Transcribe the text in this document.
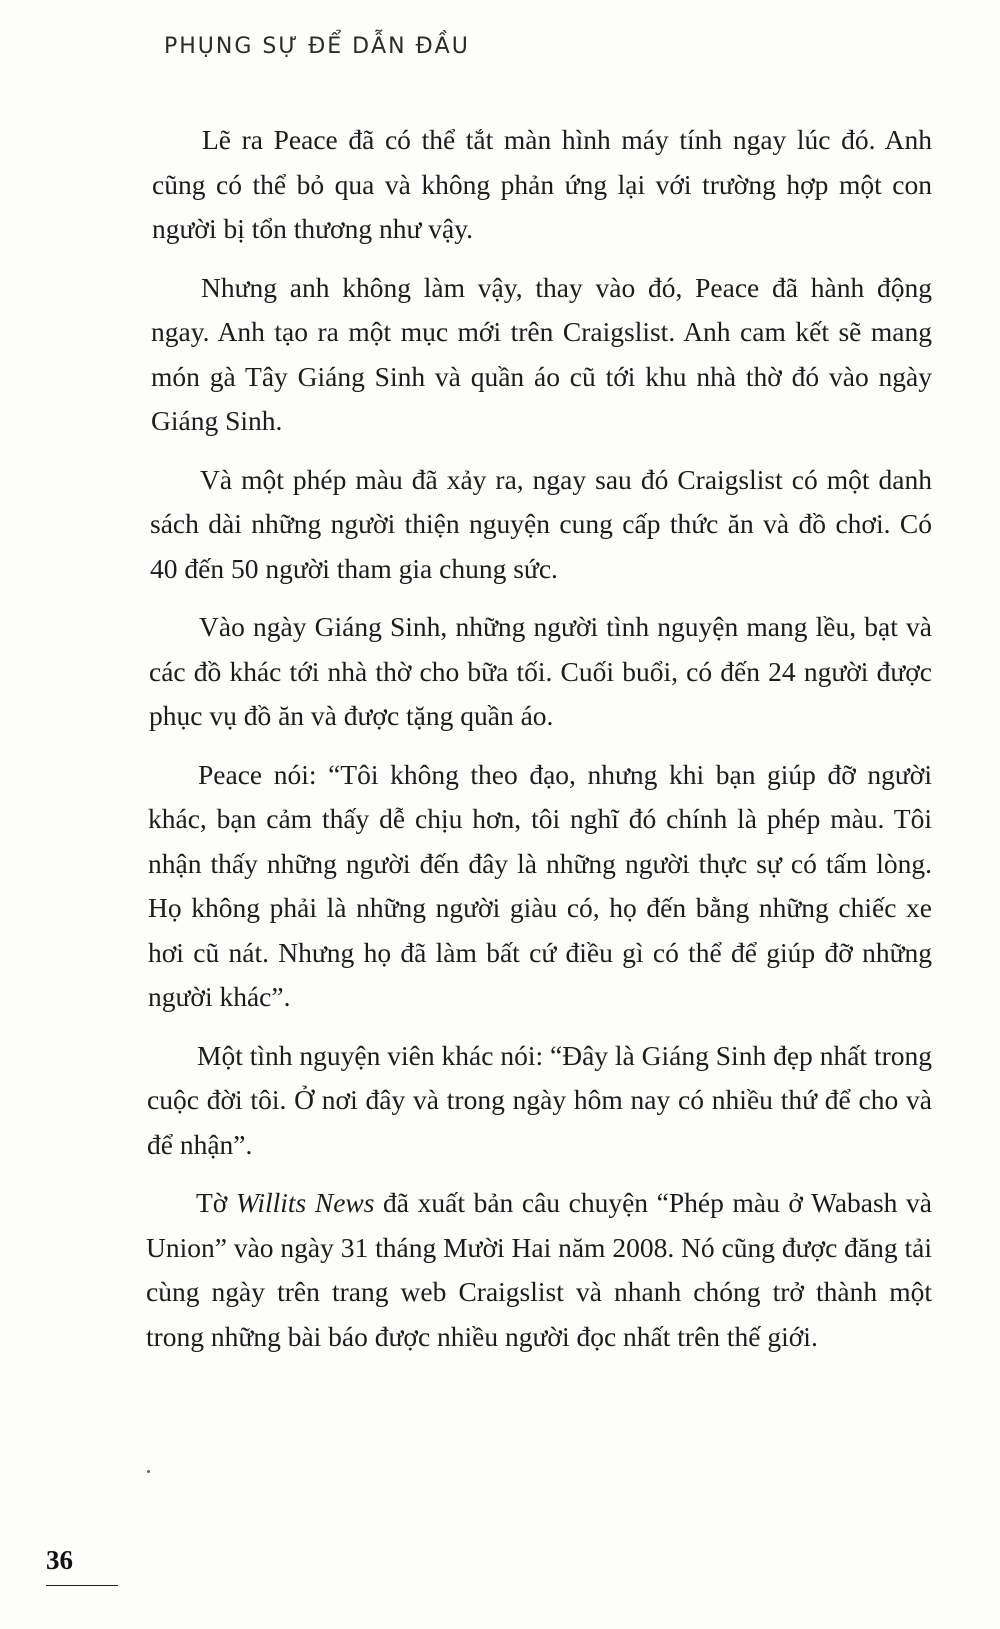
PHỤNG SỰ ĐỂ DẪN ĐẦU

Lẽ ra Peace đã có thể tắt màn hình máy tính ngay lúc đó. Anh cũng có thể bỏ qua và không phản ứng lại với trường hợp một con người bị tổn thương như vậy.

Nhưng anh không làm vậy, thay vào đó, Peace đã hành động ngay. Anh tạo ra một mục mới trên Craigslist. Anh cam kết sẽ mang món gà Tây Giáng Sinh và quần áo cũ tới khu nhà thờ đó vào ngày Giáng Sinh.

Và một phép màu đã xảy ra, ngay sau đó Craigslist có một danh sách dài những người thiện nguyện cung cấp thức ăn và đồ chơi. Có 40 đến 50 người tham gia chung sức.

Vào ngày Giáng Sinh, những người tình nguyện mang lều, bạt và các đồ khác tới nhà thờ cho bữa tối. Cuối buổi, có đến 24 người được phục vụ đồ ăn và được tặng quần áo.

Peace nói: “Tôi không theo đạo, nhưng khi bạn giúp đỡ người khác, bạn cảm thấy dễ chịu hơn, tôi nghĩ đó chính là phép màu. Tôi nhận thấy những người đến đây là những người thực sự có tấm lòng. Họ không phải là những người giàu có, họ đến bằng những chiếc xe hơi cũ nát. Nhưng họ đã làm bất cứ điều gì có thể để giúp đỡ những người khác”.

Một tình nguyện viên khác nói: “Đây là Giáng Sinh đẹp nhất trong cuộc đời tôi. Ở nơi đây và trong ngày hôm nay có nhiều thứ để cho và để nhận”.

Tờ Willits News đã xuất bản câu chuyện “Phép màu ở Wabash và Union” vào ngày 31 tháng Mười Hai năm 2008. Nó cũng được đăng tải cùng ngày trên trang web Craigslist và nhanh chóng trở thành một trong những bài báo được nhiều người đọc nhất trên thế giới.

36
